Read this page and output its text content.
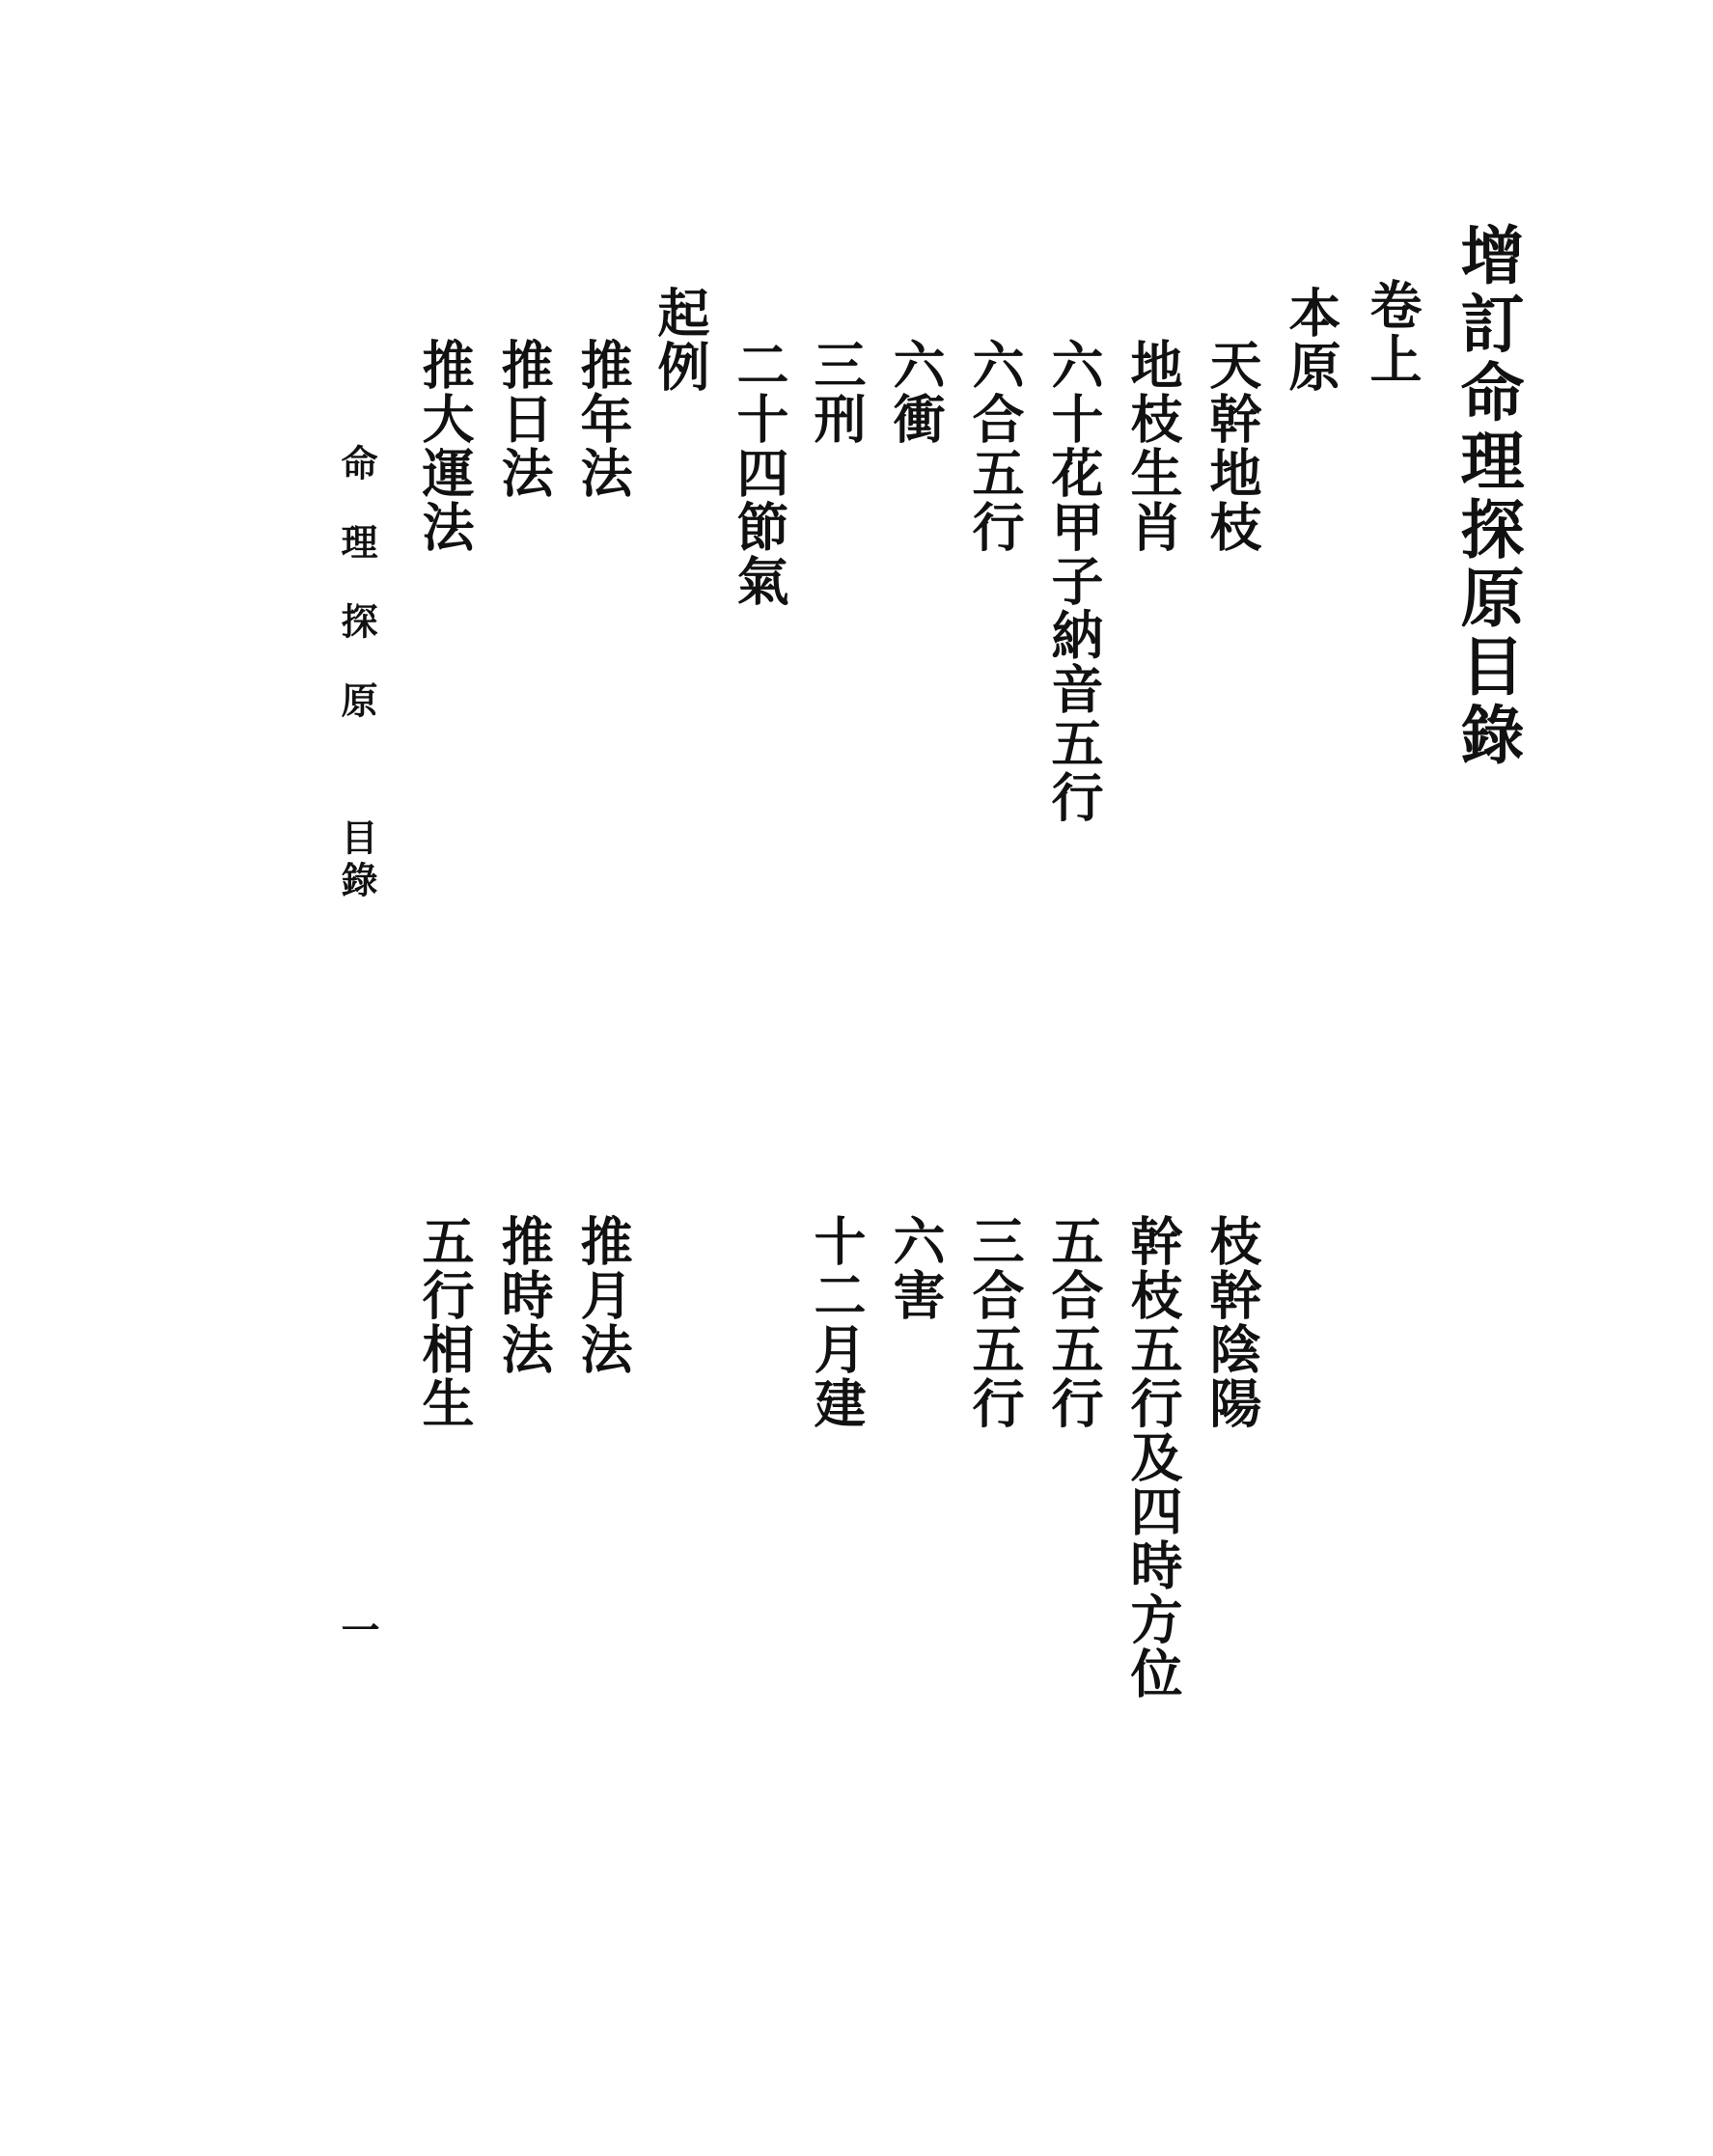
增訂命理探原目錄
卷上
本原
天幹地枝
地枝生肖
六十花甲子納音五行
六合五行
六衝
三刑
二十四節氣
枝幹陰陽
幹枝五行及四時方位
五合五行
三合五行
六害
十二月建
起例
推年法
推日法
推大運法
推月法
推時法
五行相生
命理探原
目錄
一
